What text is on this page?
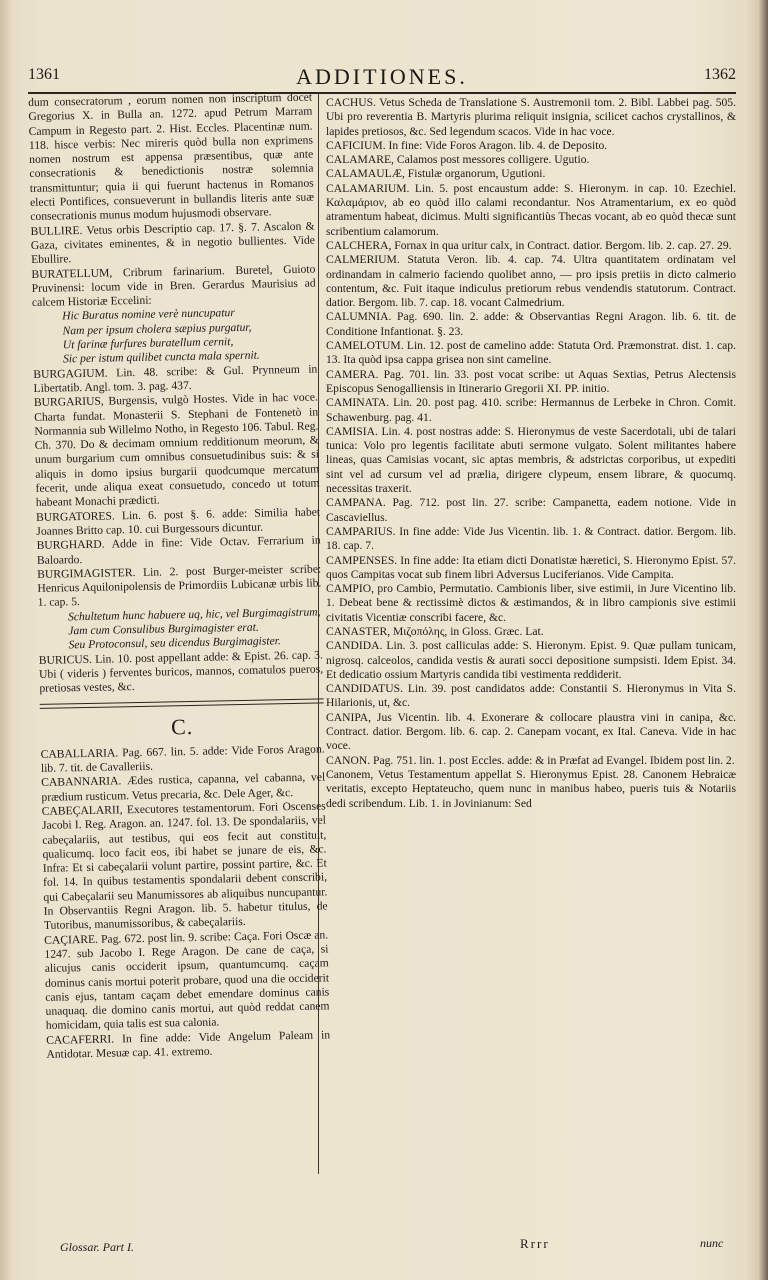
1361	ADDITIONES.	1362

dum consecratorum , eorum nomen non inscriptum docet Gregorius X. in Bulla an. 1272. apud Petrum Marram Campum in Regesto part. 2. Hist. Eccles. Placentinæ num. 118. hisce verbis: Nec mireris quòd bulla non exprimens nomen nostrum est appensa præsentibus, quæ ante consecrationis & benedictionis nostræ solemnia transmittuntur; quia ii qui fuerunt hactenus in Romanos electi Pontifices, consueverunt in bullandis literis ante suæ consecrationis munus modum hujusmodi observare.

BULLIRE. Vetus orbis Descriptio cap. 17. §. 7. Ascalon & Gaza, civitates eminentes, & in negotio bullientes. Vide Ebullire.

BURATELLUM, Cribrum farinarium. Buretel, Guioto Pruvinensi: locum vide in Bren. Gerardus Maurisius ad calcem Historiæ Eccelini:

Hic Buratus nomine verè nuncupatur

Nam per ipsum cholera sæpius purgatur,

Ut farinæ furfures buratellum cernit,

Sic per istum quilibet cuncta mala spernit.

BURGAGIUM. Lin. 48. scribe: & Gul. Prynneum in Libertatib. Angl. tom. 3. pag. 437.

BURGARIUS, Burgensis, vulgò Hostes. Vide in hac voce. Charta fundat. Monasterii S. Stephani de Fontenetò in Normannia sub Willelmo Notho, in Regesto 106. Tabul. Reg. Ch. 370. Do & decimam omnium redditionum meorum, & unum burgarium cum omnibus consuetudinibus suis: & si aliquis in domo ipsius burgarii quodcumque mercatum fecerit, unde aliqua exeat consuetudo, concedo ut totum habeant Monachi prædicti.

BURGATORES. Lin. 6. post §. 6. adde: Similia habet Joannes Britto cap. 10. cui Burgessours dicuntur.

BURGHARD. Adde in fine: Vide Octav. Ferrarium in Baloardo.

BURGIMAGISTER. Lin. 2. post Burger-meister scribe: Henricus Aquilonipolensis de Primordiis Lubicanæ urbis lib. 1. cap. 5.

Schultetum hunc habuere uq, hic, vel Burgimagistrum,

Jam cum Consulibus Burgimagister erat.

Seu Protoconsul, seu dicendus Burgimagister.

BURICUS. Lin. 10. post appellant adde: & Epist. 26. cap. 3. Ubi ( videris ) ferventes buricos, mannos, comatulos pueros, pretiosas vestes, &c.

C.

CABALLARIA. Pag. 667. lin. 5. adde: Vide Foros Aragon. lib. 7. tit. de Cavalleriis.

CABANNARIA. Ædes rustica, capanna, vel cabanna, vel prædium rusticum. Vetus precaria, &c. Dele Ager, &c.

CABEÇALARII, Executores testamentorum. Fori Oscenses Jacobi I. Reg. Aragon. an. 1247. fol. 13. De spondalariis, vel cabeçalariis, aut testibus, qui eos fecit aut constituit, qualicumq. loco facit eos, ibi habet se junare de eis, &c. Infra: Et si cabeçalarii volunt partire, possint partire, &c. Et fol. 14. In quibus testamentis spondalarii debent conscribi, qui Cabeçalarii seu Manumissores ab aliquibus nuncupantur. In Observantiis Regni Aragon. lib. 5. habetur titulus, de Tutoribus, manumissoribus, & cabeçalariis.

CAÇIARE. Pag. 672. post lin. 9. scribe: Caça. Fori Oscæ an. 1247. sub Jacobo I. Rege Aragon. De cane de caça, si alicujus canis occiderit ipsum, quantumcumq. caçam dominus canis mortui poterit probare, quod una die occiderit canis ejus, tantam caçam debet emendare dominus canis unaquaq. die domino canis mortui, aut quòd reddat canem homicidam, quia talis est sua calonia.

CACAFERRI. In fine adde: Vide Angelum Paleam in Antidotar. Mesuæ cap. 41. extremo.

CACHUS. Vetus Scheda de Translatione S. Austremonii tom. 2. Bibl. Labbei pag. 505. Ubi pro reverentia B. Martyris plurima reliquit insignia, scilicet cachos crystallinos, & lapides pretiosos, &c. Sed legendum scacos. Vide in hac voce.

CAFICIUM. In fine: Vide Foros Aragon. lib. 4. de Deposito.

CALAMARE, Calamos post messores colligere. Ugutio.

CALAMAULÆ, Fistulæ organorum, Ugutioni.

CALAMARIUM. Lin. 5. post encaustum adde: S. Hieronym. in cap. 10. Ezechiel. Καλαμάριον, ab eo quòd illo calami recondantur. Nos Atramentarium, ex eo quòd atramentum habeat, dicimus. Multi significantiùs Thecas vocant, ab eo quòd thecæ sunt scribentium calamorum.

CALCHERA, Fornax in qua uritur calx, in Contract. datior. Bergom. lib. 2. cap. 27. 29.

CALMERIUM. Statuta Veron. lib. 4. cap. 74. Ultra quantitatem ordinatam vel ordinandam in calmerio faciendo quolibet anno, — pro ipsis pretiis in dicto calmerio contentum, &c. Fuit itaque indiculus pretiorum rebus vendendis statutorum. Contract. datior. Bergom. lib. 7. cap. 18. vocant Calmedrium.

CALUMNIA. Pag. 690. lin. 2. adde: & Observantias Regni Aragon. lib. 6. tit. de Conditione Infantionat. §. 23.

CAMELOTUM. Lin. 12. post de camelino adde: Statuta Ord. Præmonstrat. dist. 1. cap. 13. Ita quòd ipsa cappa grisea non sint cameline.

CAMERA. Pag. 701. lin. 33. post vocat scribe: ut Aquas Sextias, Petrus Alectensis Episcopus Senogalliensis in Itinerario Gregorii XI. PP. initio.

CAMINATA. Lin. 20. post pag. 410. scribe: Hermannus de Lerbeke in Chron. Comit. Schawenburg. pag. 41.

CAMISIA. Lin. 4. post nostras adde: S. Hieronymus de veste Sacerdotali, ubi de talari tunica: Volo pro legentis facilitate abuti sermone vulgato. Solent militantes habere lineas, quas Camisias vocant, sic aptas membris, & adstrictas corporibus, ut expediti sint vel ad cursum vel ad prælia, dirigere clypeum, ensem librare, & quocumq. necessitas traxerit.

CAMPANA. Pag. 712. post lin. 27. scribe: Campanetta, eadem notione. Vide in Cascaviellus.

CAMPARIUS. In fine adde: Vide Jus Vicentin. lib. 1. & Contract. datior. Bergom. lib. 18. cap. 7.

CAMPENSES. In fine adde: Ita etiam dicti Donatistæ hæretici, S. Hieronymo Epist. 57. quos Campitas vocat sub finem libri Adversus Luciferianos. Vide Campita.

CAMPIO, pro Cambio, Permutatio. Cambionis liber, sive estimii, in Jure Vicentino lib. 1. Debeat bene & rectissimè dictos & æstimandos, & in libro campionis sive estimii civitatis Vicentiæ conscribi facere, &c.

CANASTER, Μιζοπόλης, in Gloss. Græc. Lat.

CANDIDA. Lin. 3. post calliculas adde: S. Hieronym. Epist. 9. Quæ pullam tunicam, nigrosq. calceolos, candida vestis & aurati socci depositione sumpsisti. Idem Epist. 34. Et dedicatio ossium Martyris candida tibi vestimenta reddiderit.

CANDIDATUS. Lin. 39. post candidatos adde: Constantii S. Hieronymus in Vita S. Hilarionis, ut, &c.

CANIPA, Jus Vicentin. lib. 4. Exonerare & collocare plaustra vini in canipa, &c. Contract. datior. Bergom. lib. 6. cap. 2. Canepam vocant, ex Ital. Caneva. Vide in hac voce.

CANON. Pag. 751. lin. 1. post Eccles. adde: & in Præfat ad Evangel. Ibidem post lin. 2.

Canonem, Vetus Testamentum appellat S. Hieronymus Epist. 28. Canonem Hebraicæ veritatis, excepto Heptateucho, quem nunc in manibus habeo, pueris tuis & Notariis dedi scribendum. Lib. 1. in Jovinianum: Sed

Glossar. Part I.	Rrrr	nunc
